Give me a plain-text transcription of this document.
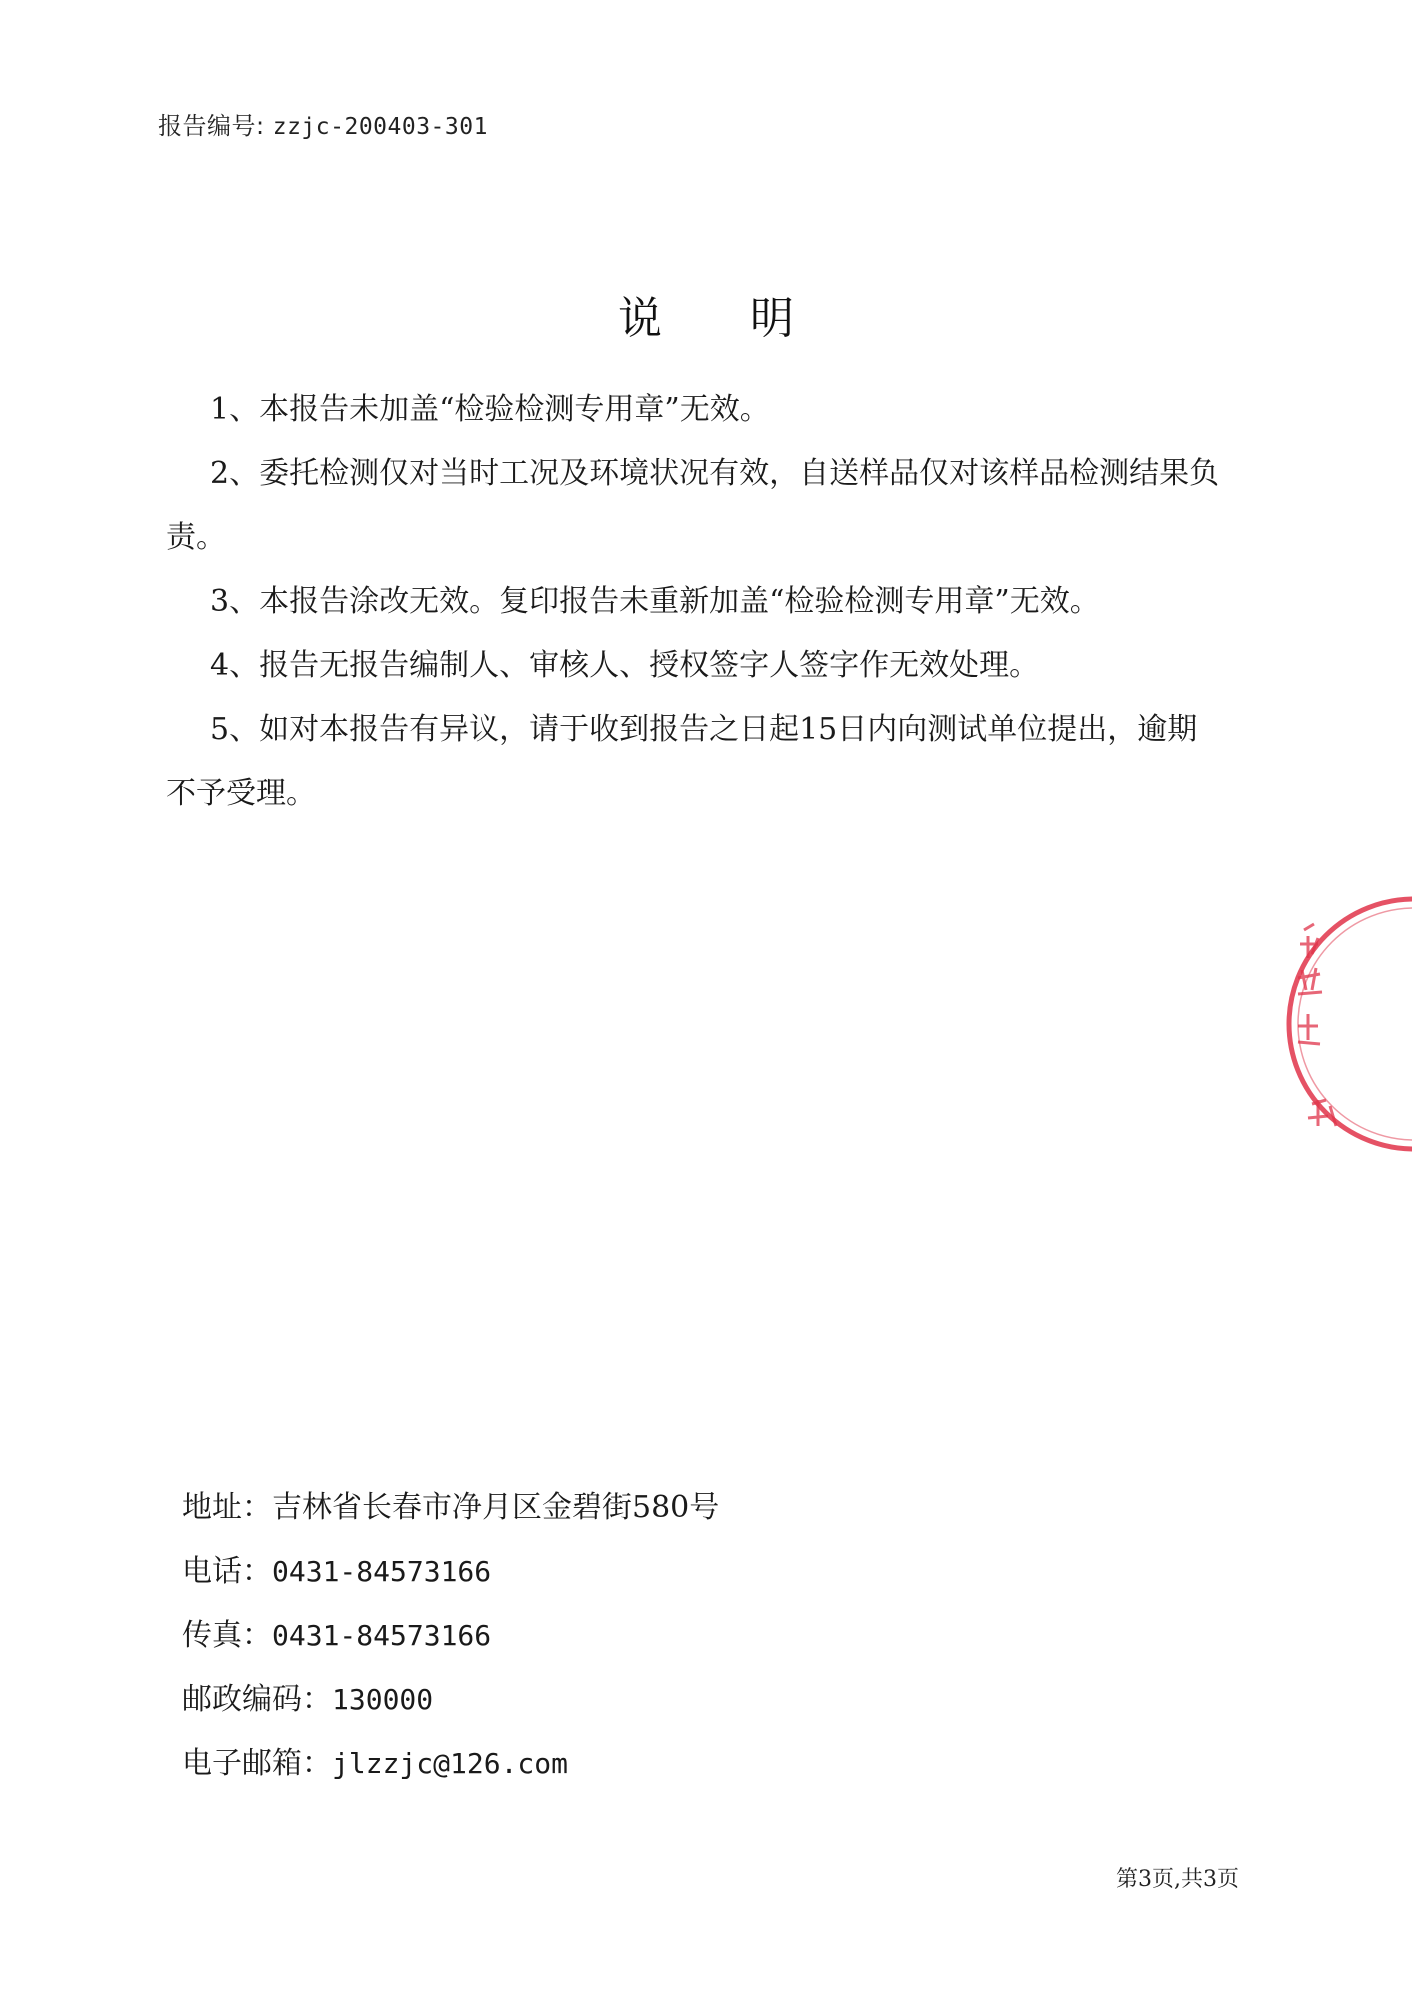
报告编号: zzjc-200403-301
说明

1、本报告未加盖“检验检测专用章”无效。

2、委托检测仅对当时工况及环境状况有效，自送样品仅对该样品检测结果负责。

3、本报告涂改无效。复印报告未重新加盖“检验检测专用章”无效。

4、报告无报告编制人、审核人、授权签字人签字作无效处理。

5、如对本报告有异议，请于收到报告之日起15日内向测试单位提出，逾期不予受理。

地址：吉林省长春市净月区金碧街580号
电话：0431-84573166
传真：0431-84573166
邮政编码：130000
电子邮箱：jlzzjc@126.com
第3页,共3页
